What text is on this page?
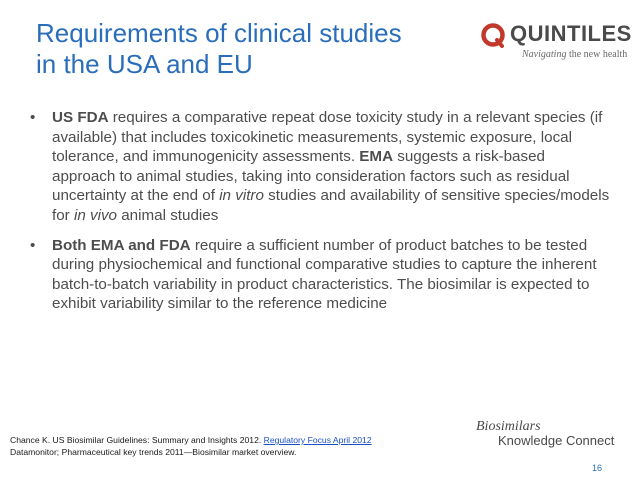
Requirements of clinical studies
in the USA and EU
QUINTILES
Navigating the new health
• US FDA requires a comparative repeat dose toxicity study in a relevant species (if available) that includes toxicokinetic measurements, systemic exposure, local tolerance, and immunogenicity assessments. EMA suggests a risk-based approach to animal studies, taking into consideration factors such as residual uncertainty at the end of in vitro studies and availability of sensitive species/models for in vivo animal studies
• Both EMA and FDA require a sufficient number of product batches to be tested during physiochemical and functional comparative studies to capture the inherent batch-to-batch variability in product characteristics. The biosimilar is expected to exhibit variability similar to the reference medicine
Chance K. US Biosimilar Guidelines: Summary and Insights 2012. Regulatory Focus April 2012
Datamonitor; Pharmaceutical key trends 2011—Biosimilar market overview.
Biosimilars
Knowledge Connect
16
